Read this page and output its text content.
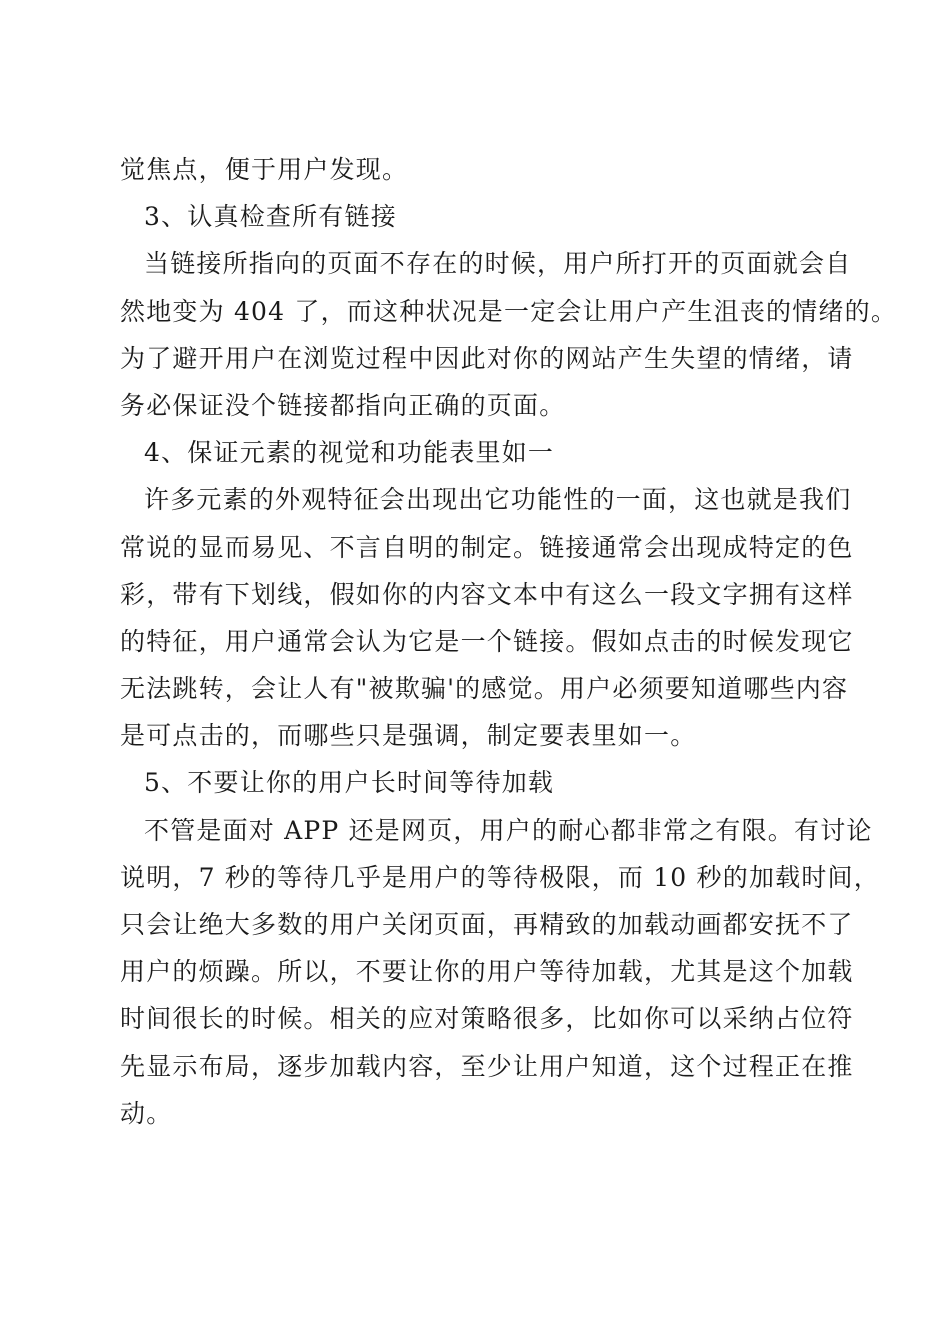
觉焦点，便于用户发现。
3、认真检查所有链接
当链接所指向的页面不存在的时候，用户所打开的页面就会自
然地变为 404 了，而这种状况是一定会让用户产生沮丧的情绪的。
为了避开用户在浏览过程中因此对你的网站产生失望的情绪，请
务必保证没个链接都指向正确的页面。
4、保证元素的视觉和功能表里如一
许多元素的外观特征会出现出它功能性的一面，这也就是我们
常说的显而易见、不言自明的制定。链接通常会出现成特定的色
彩，带有下划线，假如你的内容文本中有这么一段文字拥有这样
的特征，用户通常会认为它是一个链接。假如点击的时候发现它
无法跳转，会让人有"被欺骗'的感觉。用户必须要知道哪些内容
是可点击的，而哪些只是强调，制定要表里如一。
5、不要让你的用户长时间等待加载
不管是面对 APP 还是网页，用户的耐心都非常之有限。有讨论
说明，7 秒的等待几乎是用户的等待极限，而 10 秒的加载时间，
只会让绝大多数的用户关闭页面，再精致的加载动画都安抚不了
用户的烦躁。所以，不要让你的用户等待加载，尤其是这个加载
时间很长的时候。相关的应对策略很多，比如你可以采纳占位符
先显示布局，逐步加载内容，至少让用户知道，这个过程正在推
动。
